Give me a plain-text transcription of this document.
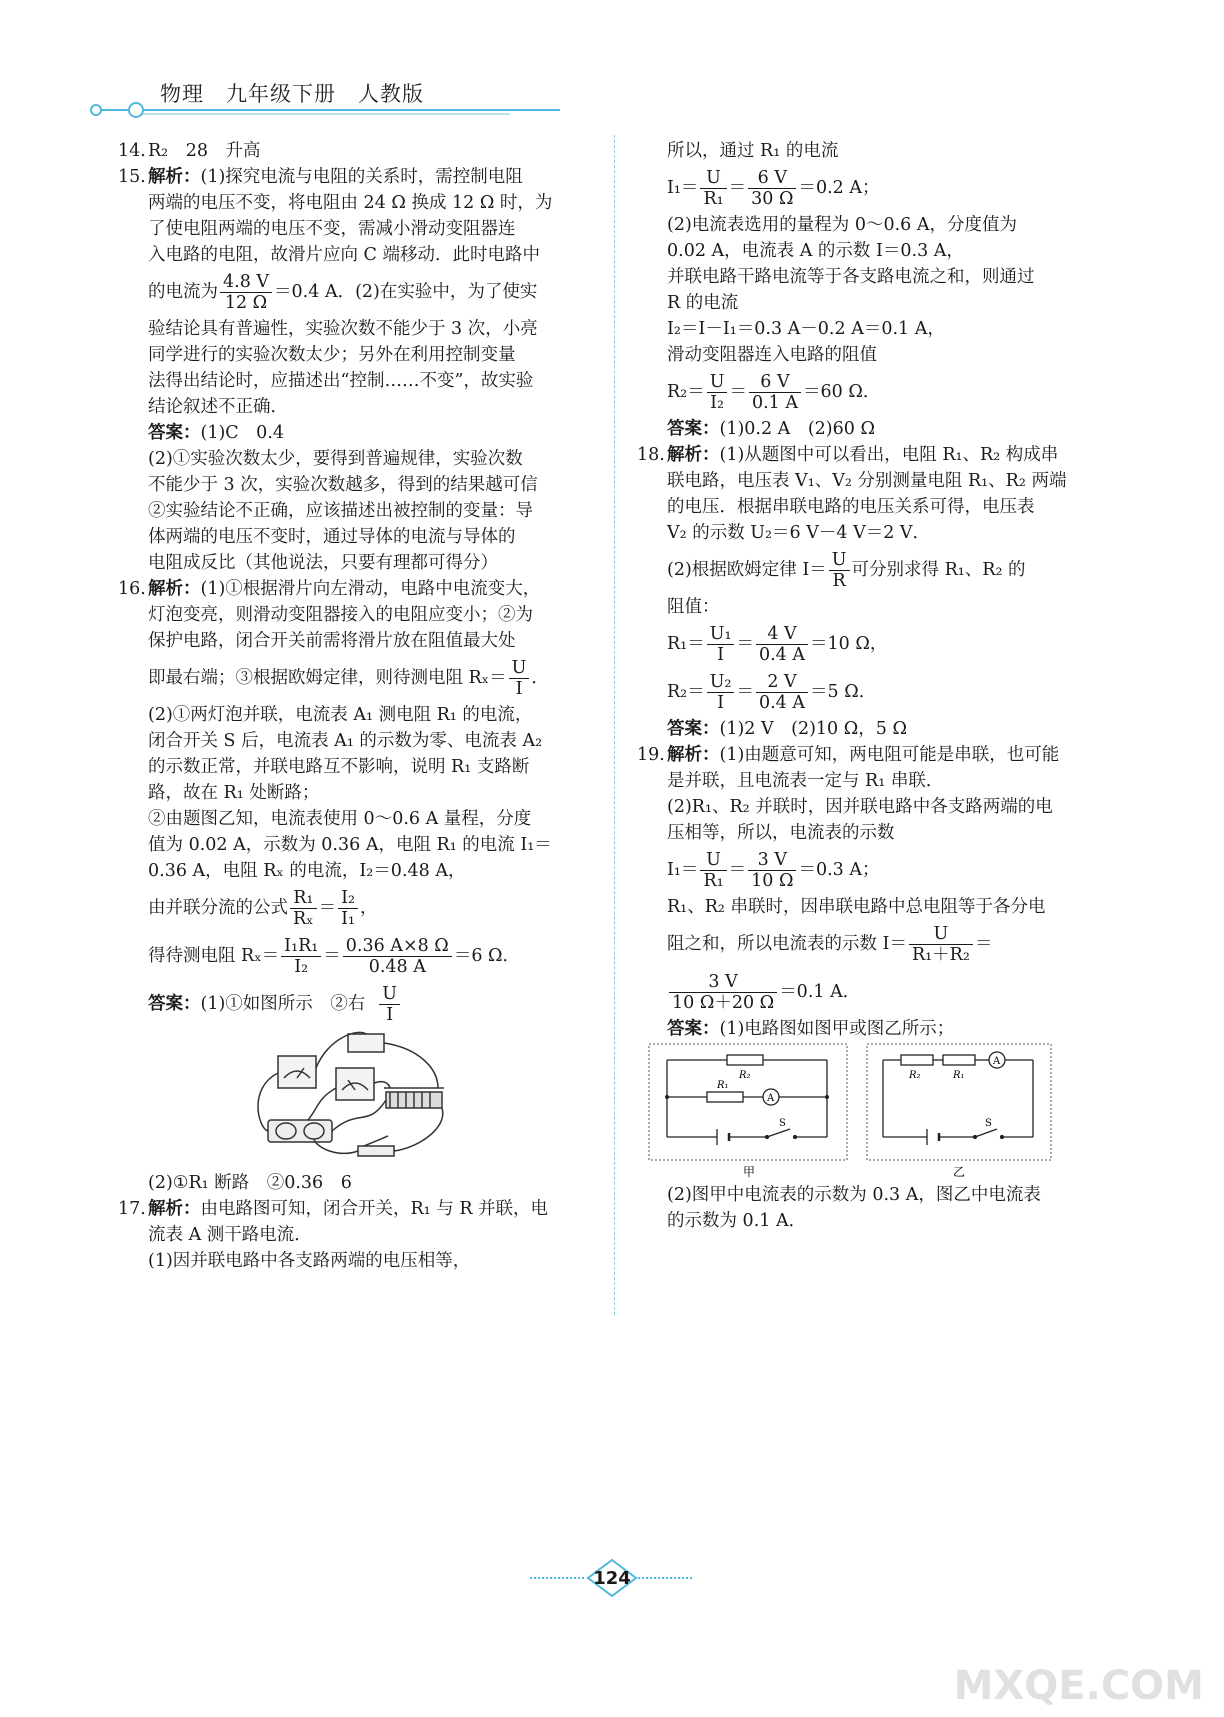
物理　九年级下册　人教版
14. R₂　28　升高
15. 解析：(1)探究电流与电阻的关系时，需控制电阻
两端的电压不变，将电阻由 24 Ω 换成 12 Ω 时，为
了使电阻两端的电压不变，需减小滑动变阻器连
入电路的电阻，故滑片应向 C 端移动．此时电路中
的电流为 $\frac{4.8 V}{12 \Omega} =0.4$ A．(2)在实验中，为了使实
验结论具有普遍性，实验次数不能少于 3 次，小亮
同学进行的实验次数太少；另外在利用控制变量
法得出结论时，应描述出“控制……不变”，故实验
结论叙述不正确．
答案：(1)C　0.4
(2)①实验次数太少，要得到普遍规律，实验次数
不能少于 3 次，实验次数越多，得到的结果越可信
②实验结论不正确，应该描述出被控制的变量：导
体两端的电压不变时，通过导体的电流与导体的
电阻成反比（其他说法，只要有理都可得分）
16. 解析：(1)①根据滑片向左滑动，电路中电流变大，
灯泡变亮，则滑动变阻器接入的电阻应变小；②为
保护电路，闭合开关前需将滑片放在阻值最大处
即最右端；③根据欧姆定律，则待测电阻 $R_x= \frac{U}{I}$ ．
(2)①两灯泡并联，电流表 A₁ 测电阻 R₁ 的电流，
闭合开关 S 后，电流表 A₁ 的示数为零、电流表 A₂
的示数正常，并联电路互不影响，说明 R₁ 支路断
路，故在 R₁ 处断路；
②由题图乙知，电流表使用 0～0.6 A 量程，分度
值为 0.02 A，示数为 0.36 A，电阻 R₁ 的电流 I₁＝
0.36 A，电阻 Rₓ 的电流，I₂＝0.48 A，
由并联分流的公式 $\frac{\text{R₁}}{\text{Rₓ}} = \frac{\text{I₂}}{\text{I₁}}$ ，
得待测电阻 $R_x= \frac{\text{I₁R₁}}{\text{I₂}} = \frac{0.36 A\times 8 \Omega}{0.48 A} =6$ Ω．
答案： (1)①如图所示　②右 $\frac{U}{I}$
(2)①R₁ 断路　②0.36　6
17. 解析：由电路图可知，闭合开关，R₁ 与 R 并联，电
流表 A 测干路电流．
(1)因并联电路中各支路两端的电压相等，
所以，通过 R₁ 的电流
$I_1= \frac{U}{\text{R₁}} = \frac{6 V}{30 \Omega} =0.2$ A；
(2)电流表选用的量程为 0～0.6 A，分度值为
0.02 A，电流表 A 的示数 I＝0.3 A，
并联电路干路电流等于各支路电流之和，则通过
R 的电流
I₂＝I－I₁＝0.3 A－0.2 A＝0.1 A，
滑动变阻器连入电路的阻值
$R_2= \frac{U}{\text{I₂}} = \frac{6 V}{0.1 A} =60$ Ω．
答案：(1)0.2 A　(2)60 Ω
18. 解析：(1)从题图中可以看出，电阻 R₁、R₂ 构成串
联电路，电压表 V₁、V₂ 分别测量电阻 R₁、R₂ 两端
的电压．根据串联电路的电压关系可得，电压表
V₂ 的示数 U₂＝6 V－4 V＝2 V．
(2)根据欧姆定律 $I= \frac{U}{R}$ 可分别求得 R₁、R₂ 的
阻值：
$R_1= \frac{\text{U₁}}{I} = \frac{4 V}{0.4 A} =10$ Ω，
$R_2= \frac{\text{U₂}}{I} = \frac{2 V}{0.4 A} =5$ Ω．
答案：(1)2 V　(2)10 Ω，5 Ω
19. 解析：(1)由题意可知，两电阻可能是串联，也可能
是并联，且电流表一定与 R₁ 串联．
(2)R₁、R₂ 并联时，因并联电路中各支路两端的电
压相等，所以，电流表的示数
$I_1= \frac{U}{\text{R₁}} = \frac{3 V}{10 \Omega} =0.3$ A；
R₁、R₂ 串联时，因串联电路中总电阻等于各分电
阻之和，所以电流表的示数 $I= \frac{U}{\text{R₁＋R₂}}$ ＝
$\frac{3 V}{10 \Omega+20 \Omega} =0.1$ A．
答案：(1)电路图如图甲或图乙所示；
R₂
R₁
A
S
甲
R₂	R₁
A
S
乙
(2)图甲中电流表的示数为 0.3 A，图乙中电流表
的示数为 0.1 A．
124
MXQE.COM
